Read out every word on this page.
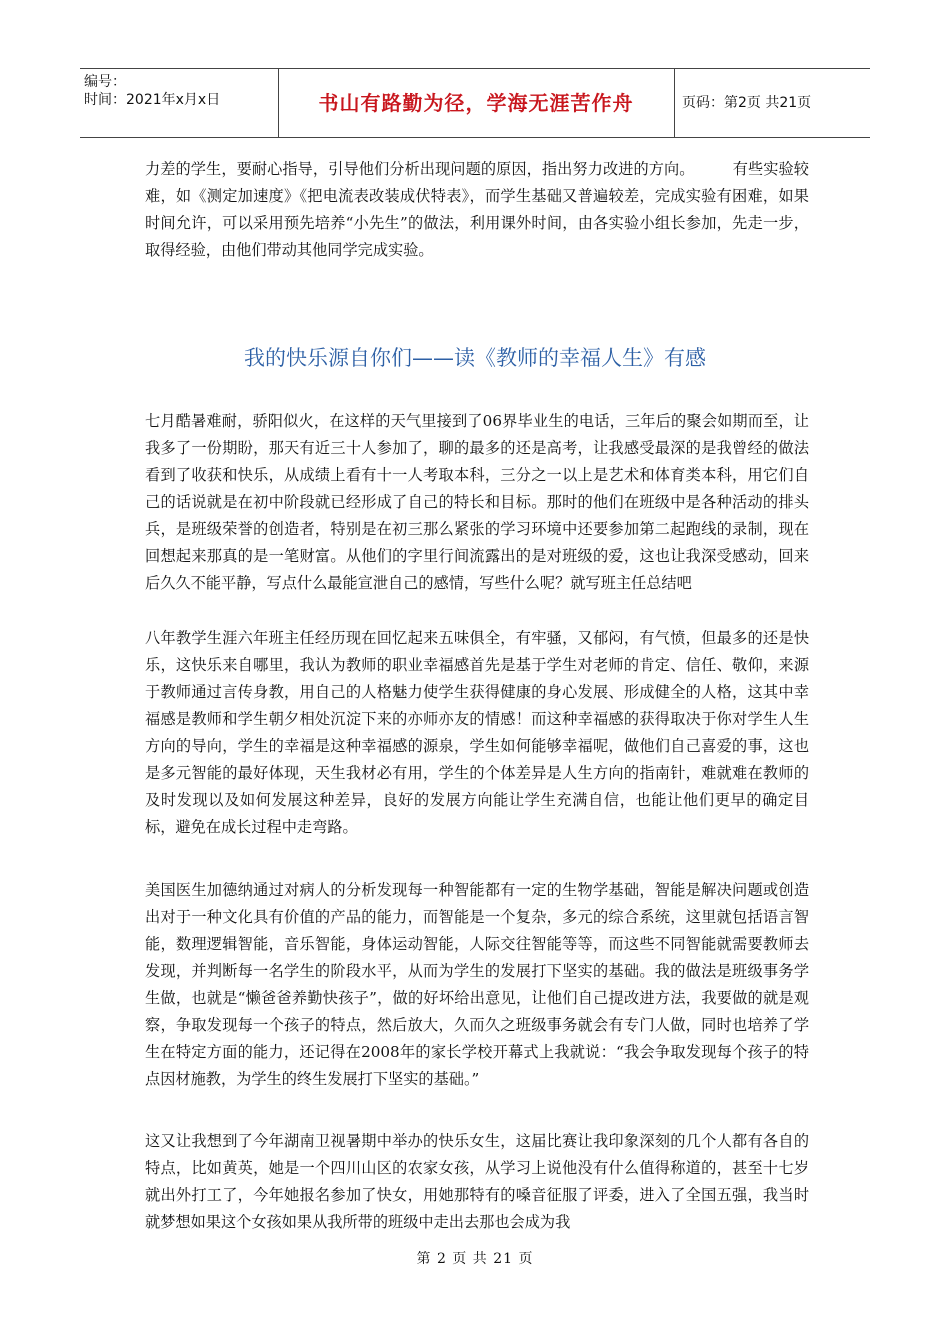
编号：
时间：2021年x月x日	书山有路勤为径，学海无涯苦作舟	页码：第2页 共21页

力差的学生，要耐心指导，引导他们分析出现问题的原因，指出努力改进的方向。　　　有些实验较难，如《测定加速度》《把电流表改装成伏特表》，而学生基础又普遍较差，完成实验有困难，如果时间允许，可以采用预先培养“小先生”的做法，利用课外时间，由各实验小组长参加，先走一步，取得经验，由他们带动其他同学完成实验。

我的快乐源自你们——读《教师的幸福人生》有感

七月酷暑难耐，骄阳似火，在这样的天气里接到了06界毕业生的电话，三年后的聚会如期而至，让我多了一份期盼，那天有近三十人参加了，聊的最多的还是高考，让我感受最深的是我曾经的做法看到了收获和快乐，从成绩上看有十一人考取本科，三分之一以上是艺术和体育类本科，用它们自己的话说就是在初中阶段就已经形成了自己的特长和目标。那时的他们在班级中是各种活动的排头兵，是班级荣誉的创造者，特别是在初三那么紧张的学习环境中还要参加第二起跑线的录制，现在回想起来那真的是一笔财富。从他们的字里行间流露出的是对班级的爱，这也让我深受感动，回来后久久不能平静，写点什么最能宣泄自己的感情，写些什么呢？就写班主任总结吧

八年教学生涯六年班主任经历现在回忆起来五味俱全，有牢骚，又郁闷，有气愤，但最多的还是快乐，这快乐来自哪里，我认为教师的职业幸福感首先是基于学生对老师的肯定、信任、敬仰，来源于教师通过言传身教，用自己的人格魅力使学生获得健康的身心发展、形成健全的人格，这其中幸福感是教师和学生朝夕相处沉淀下来的亦师亦友的情感！而这种幸福感的获得取决于你对学生人生方向的导向，学生的幸福是这种幸福感的源泉，学生如何能够幸福呢，做他们自己喜爱的事，这也是多元智能的最好体现，天生我材必有用，学生的个体差异是人生方向的指南针，难就难在教师的及时发现以及如何发展这种差异，良好的发展方向能让学生充满自信，也能让他们更早的确定目标，避免在成长过程中走弯路。

美国医生加德纳通过对病人的分析发现每一种智能都有一定的生物学基础，智能是解决问题或创造出对于一种文化具有价值的产品的能力，而智能是一个复杂，多元的综合系统，这里就包括语言智能，数理逻辑智能，音乐智能，身体运动智能，人际交往智能等等，而这些不同智能就需要教师去发现，并判断每一名学生的阶段水平，从而为学生的发展打下坚实的基础。我的做法是班级事务学生做，也就是“懒爸爸养勤快孩子”，做的好坏给出意见，让他们自己提改进方法，我要做的就是观察，争取发现每一个孩子的特点，然后放大，久而久之班级事务就会有专门人做，同时也培养了学生在特定方面的能力，还记得在2008年的家长学校开幕式上我就说：“我会争取发现每个孩子的特点因材施教，为学生的终生发展打下坚实的基础。”

这又让我想到了今年湖南卫视暑期中举办的快乐女生，这届比赛让我印象深刻的几个人都有各自的特点，比如黄英，她是一个四川山区的农家女孩，从学习上说他没有什么值得称道的，甚至十七岁就出外打工了，今年她报名参加了快女，用她那特有的嗓音征服了评委，进入了全国五强，我当时就梦想如果这个女孩如果从我所带的班级中走出去那也会成为我

第 2 页 共 21 页
